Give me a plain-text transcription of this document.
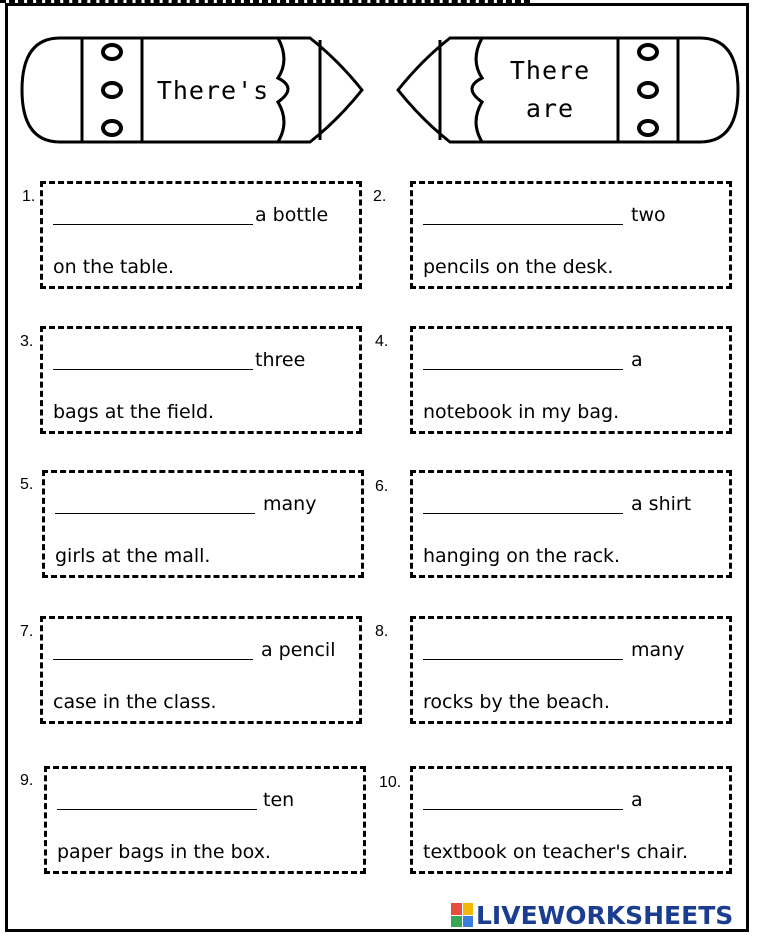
There's
There
are
1.
a bottle
on the table.
2.
two
pencils on the desk.
3.
three
bags at the field.
4.
a
notebook in my bag.
5.
many
girls at the mall.
6.
a shirt
hanging on the rack.
7.
a pencil
case in the class.
8.
many
rocks by the beach.
9.
ten
paper bags in the box.
10.
a
textbook on teacher's chair.
LIVEWORKSHEETS
